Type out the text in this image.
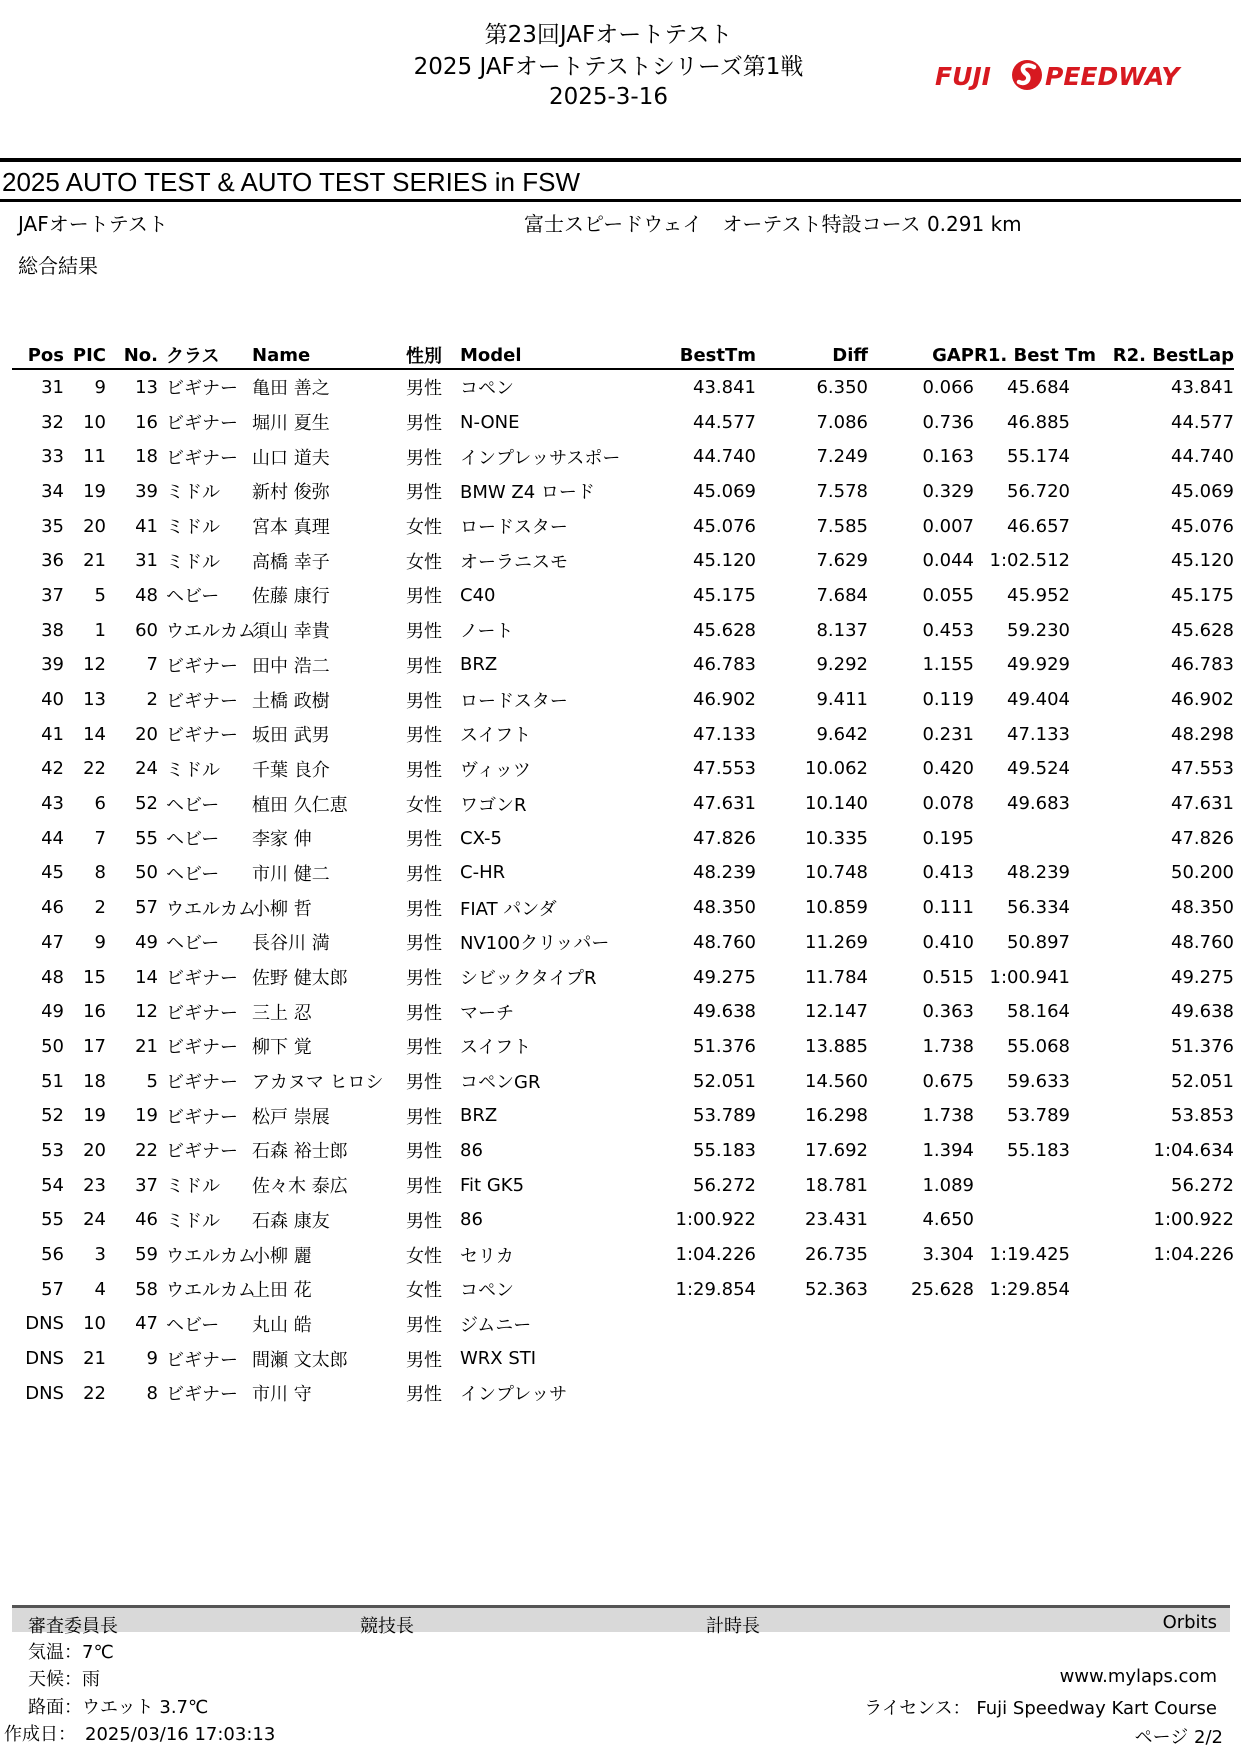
第23回JAFオートテスト
2025 JAFオートテストシリーズ第1戦
2025-3-16
FUJI PEEDWAY
2025 AUTO TEST & AUTO TEST SERIES in FSW
JAFオートテスト	富士スピードウェイ　オーテスト特設コース 0.291 km
総合結果
Pos	PIC	No.	クラス	Name	性別	Model	BestTm	Diff	GAP	R1. Best Tm	R2. BestLap
31	9	13	ビギナー	亀田 善之	男性	コペン	43.841	6.350	0.066	45.684	43.841
32	10	16	ビギナー	堀川 夏生	男性	N-ONE	44.577	7.086	0.736	46.885	44.577
33	11	18	ビギナー	山口 道夫	男性	インプレッサスポー	44.740	7.249	0.163	55.174	44.740
34	19	39	ミドル	新村 俊弥	男性	BMW Z4 ロード	45.069	7.578	0.329	56.720	45.069
35	20	41	ミドル	宮本 真理	女性	ロードスター	45.076	7.585	0.007	46.657	45.076
36	21	31	ミドル	高橋 幸子	女性	オーラニスモ	45.120	7.629	0.044	1:02.512	45.120
37	5	48	ヘビー	佐藤 康行	男性	C40	45.175	7.684	0.055	45.952	45.175
38	1	60	ウエルカム	須山 幸貴	男性	ノート	45.628	8.137	0.453	59.230	45.628
39	12	7	ビギナー	田中 浩二	男性	BRZ	46.783	9.292	1.155	49.929	46.783
40	13	2	ビギナー	土橋 政樹	男性	ロードスター	46.902	9.411	0.119	49.404	46.902
41	14	20	ビギナー	坂田 武男	男性	スイフト	47.133	9.642	0.231	47.133	48.298
42	22	24	ミドル	千葉 良介	男性	ヴィッツ	47.553	10.062	0.420	49.524	47.553
43	6	52	ヘビー	植田 久仁恵	女性	ワゴンR	47.631	10.140	0.078	49.683	47.631
44	7	55	ヘビー	李家 伸	男性	CX-5	47.826	10.335	0.195		47.826
45	8	50	ヘビー	市川 健二	男性	C-HR	48.239	10.748	0.413	48.239	50.200
46	2	57	ウエルカム	小柳 哲	男性	FIAT パンダ	48.350	10.859	0.111	56.334	48.350
47	9	49	ヘビー	長谷川 満	男性	NV100クリッパー	48.760	11.269	0.410	50.897	48.760
48	15	14	ビギナー	佐野 健太郎	男性	シビックタイプR	49.275	11.784	0.515	1:00.941	49.275
49	16	12	ビギナー	三上 忍	男性	マーチ	49.638	12.147	0.363	58.164	49.638
50	17	21	ビギナー	柳下 覚	男性	スイフト	51.376	13.885	1.738	55.068	51.376
51	18	5	ビギナー	アカヌマ ヒロシ	男性	コペンGR	52.051	14.560	0.675	59.633	52.051
52	19	19	ビギナー	松戸 崇展	男性	BRZ	53.789	16.298	1.738	53.789	53.853
53	20	22	ビギナー	石森 裕士郎	男性	86	55.183	17.692	1.394	55.183	1:04.634
54	23	37	ミドル	佐々木 泰広	男性	Fit GK5	56.272	18.781	1.089		56.272
55	24	46	ミドル	石森 康友	男性	86	1:00.922	23.431	4.650		1:00.922
56	3	59	ウエルカム	小柳 麗	女性	セリカ	1:04.226	26.735	3.304	1:19.425	1:04.226
57	4	58	ウエルカム	上田 花	女性	コペン	1:29.854	52.363	25.628	1:29.854	
DNS	10	47	ヘビー	丸山 皓	男性	ジムニー					
DNS	21	9	ビギナー	間瀬 文太郎	男性	WRX STI					
DNS	22	8	ビギナー	市川 守	男性	インプレッサ					
審査委員長	競技長	計時長	Orbits
気温：7℃
天候：雨
路面：ウエット 3.7℃
作成日：　2025/03/16 17:03:13
www.mylaps.com
ライセンス： Fuji Speedway Kart Course
ページ 2/2
